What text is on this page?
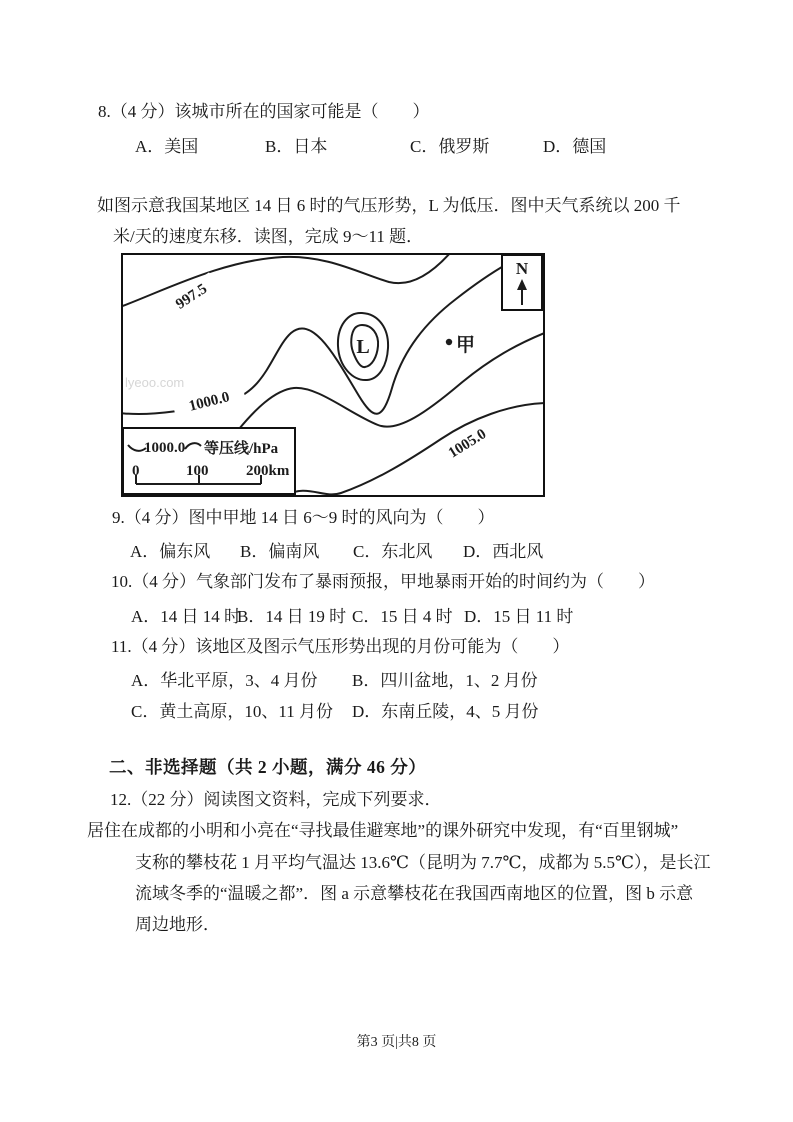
8.（4 分）该城市所在的国家可能是（　　）
A．美国	B．日本	C．俄罗斯	D．德国
如图示意我国某地区 14 日 6 时的气压形势，L 为低压．图中天气系统以 200 千
米/天的速度东移．读图，完成 9～11 题．
lyeoo.com
L
997.5
1000.0
1005.0
甲
N
1000.0 等压线/hPa
0	100	200km
9.（4 分）图中甲地 14 日 6～9 时的风向为（　　）
A．偏东风 B．偏南风 C．东北风 D．西北风
10.（4 分）气象部门发布了暴雨预报，甲地暴雨开始的时间约为（　　）
A．14 日 14 时
B．14 日 19 时 C．15 日 4 时 D．15 日 11 时
11.（4 分）该地区及图示气压形势出现的月份可能为（　　）
A．华北平原，3、4 月份 B．四川盆地，1、2 月份
C．黄土高原，10、11 月份 D．东南丘陵，4、5 月份
二、非选择题（共 2 小题，满分 46 分）
12.（22 分）阅读图文资料，完成下列要求．
居住在成都的小明和小亮在“寻找最佳避寒地”的课外研究中发现，有“百里钢城”
支称的攀枝花 1 月平均气温达 13.6℃（昆明为 7.7℃，成都为 5.5℃），是长江
流域冬季的“温暖之都”．图 a 示意攀枝花在我国西南地区的位置，图 b 示意
周边地形．
第3 页|共8 页
